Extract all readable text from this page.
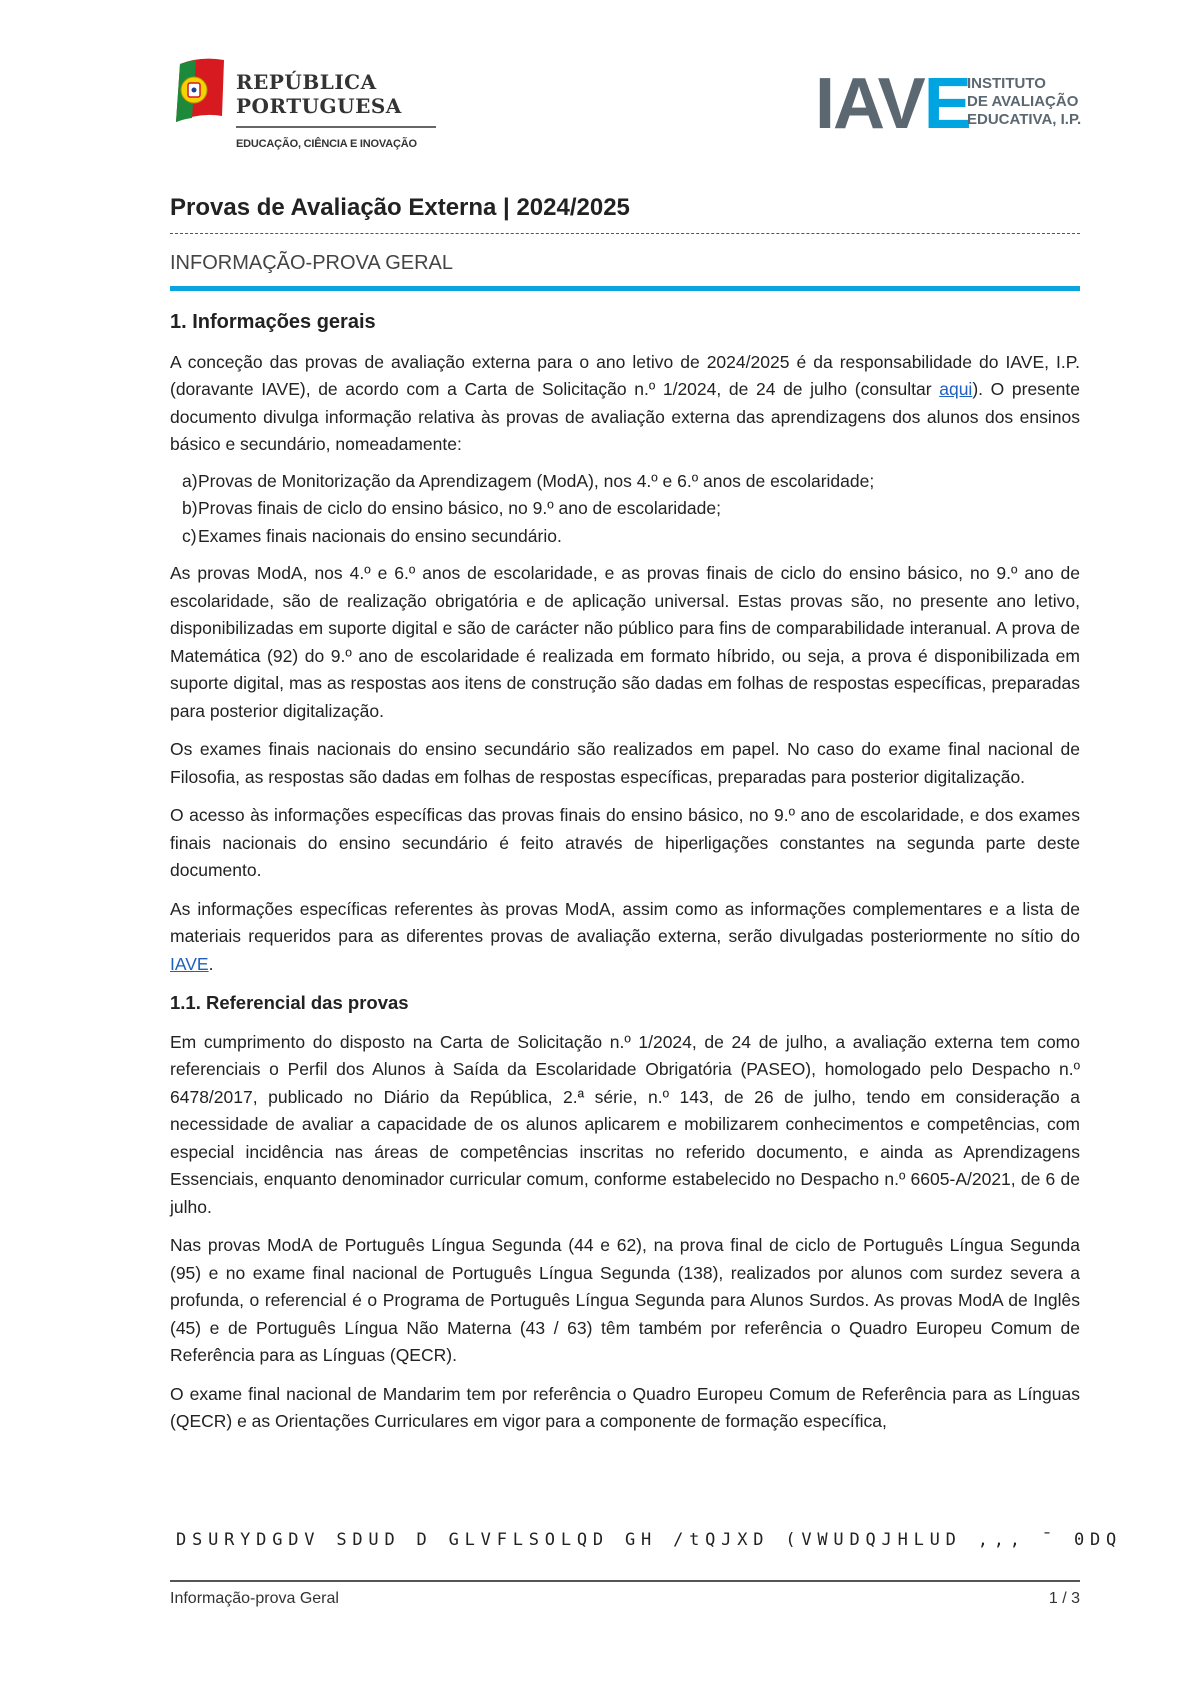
REPÚBLICA
PORTUGUESA
EDUCAÇÃO, CIÊNCIA E INOVAÇÃO	IAVE
INSTITUTO
DE AVALIAÇÃO
EDUCATIVA, I.P.
Provas de Avaliação Externa | 2024/2025
INFORMAÇÃO-PROVA GERAL
1. Informações gerais

A conceção das provas de avaliação externa para o ano letivo de 2024/2025 é da responsabilidade do IAVE, I.P. (doravante IAVE), de acordo com a Carta de Solicitação n.º 1/2024, de 24 de julho (consultar aqui). O presente documento divulga informação relativa às provas de avaliação externa das aprendizagens dos alunos dos ensinos básico e secundário, nomeadamente:

a) Provas de Monitorização da Aprendizagem (ModA), nos 4.º e 6.º anos de escolaridade;
b) Provas finais de ciclo do ensino básico, no 9.º ano de escolaridade;
c) Exames finais nacionais do ensino secundário.

As provas ModA, nos 4.º e 6.º anos de escolaridade, e as provas finais de ciclo do ensino básico, no 9.º ano de escolaridade, são de realização obrigatória e de aplicação universal. Estas provas são, no presente ano letivo, disponibilizadas em suporte digital e são de carácter não público para fins de comparabilidade interanual. A prova de Matemática (92) do 9.º ano de escolaridade é realizada em formato híbrido, ou seja, a prova é disponibilizada em suporte digital, mas as respostas aos itens de construção são dadas em folhas de respostas específicas, preparadas para posterior digitalização.

Os exames finais nacionais do ensino secundário são realizados em papel. No caso do exame final nacional de Filosofia, as respostas são dadas em folhas de respostas específicas, preparadas para posterior digitalização.

O acesso às informações específicas das provas finais do ensino básico, no 9.º ano de escolaridade, e dos exames finais nacionais do ensino secundário é feito através de hiperligações constantes na segunda parte deste documento.

As informações específicas referentes às provas ModA, assim como as informações complementares e a lista de materiais requeridos para as diferentes provas de avaliação externa, serão divulgadas posteriormente no sítio do IAVE.

1.1. Referencial das provas

Em cumprimento do disposto na Carta de Solicitação n.º 1/2024, de 24 de julho, a avaliação externa tem como referenciais o Perfil dos Alunos à Saída da Escolaridade Obrigatória (PASEO), homologado pelo Despacho n.º 6478/2017, publicado no Diário da República, 2.ª série, n.º 143, de 26 de julho, tendo em consideração a necessidade de avaliar a capacidade de os alunos aplicarem e mobilizarem conhecimentos e competências, com especial incidência nas áreas de competências inscritas no referido documento, e ainda as Aprendizagens Essenciais, enquanto denominador curricular comum, conforme estabelecido no Despacho n.º 6605-A/2021, de 6 de julho.

Nas provas ModA de Português Língua Segunda (44 e 62), na prova final de ciclo de Português Língua Segunda (95) e no exame final nacional de Português Língua Segunda (138), realizados por alunos com surdez severa a profunda, o referencial é o Programa de Português Língua Segunda para Alunos Surdos. As provas ModA de Inglês (45) e de Português Língua Não Materna (43 / 63) têm também por referência o Quadro Europeu Comum de Referência para as Línguas (QECR).

O exame final nacional de Mandarim tem por referência o Quadro Europeu Comum de Referência para as Línguas (QECR) e as Orientações Curriculares em vigor para a componente de formação específica,

DSURYDGDV SDUD D GLVFLSOLQD GH /tQJXD (VWUDQJHLUD ,,, ¯ 0DQ
Informação-prova Geral	1 / 3
